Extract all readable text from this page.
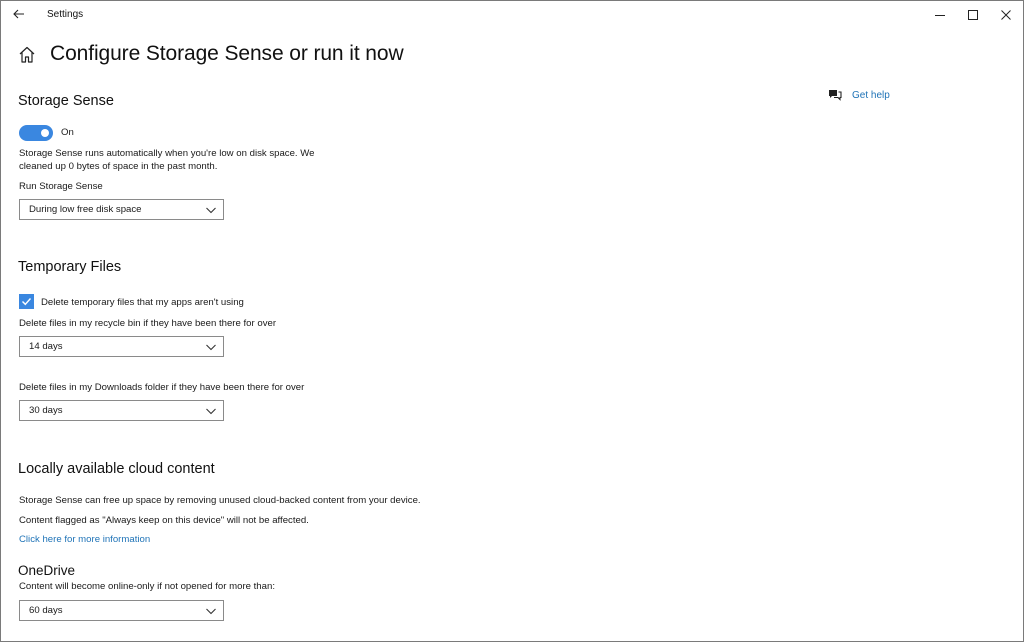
Settings
Configure Storage Sense or run it now
Get help
Storage Sense
On
Storage Sense runs automatically when you're low on disk space. We
cleaned up 0 bytes of space in the past month.
Run Storage Sense
During low free disk space
Temporary Files
Delete temporary files that my apps aren't using
Delete files in my recycle bin if they have been there for over
14 days
Delete files in my Downloads folder if they have been there for over
30 days
Locally available cloud content
Storage Sense can free up space by removing unused cloud-backed content from your device.
Content flagged as "Always keep on this device" will not be affected.
Click here for more information
OneDrive
Content will become online-only if not opened for more than:
60 days
